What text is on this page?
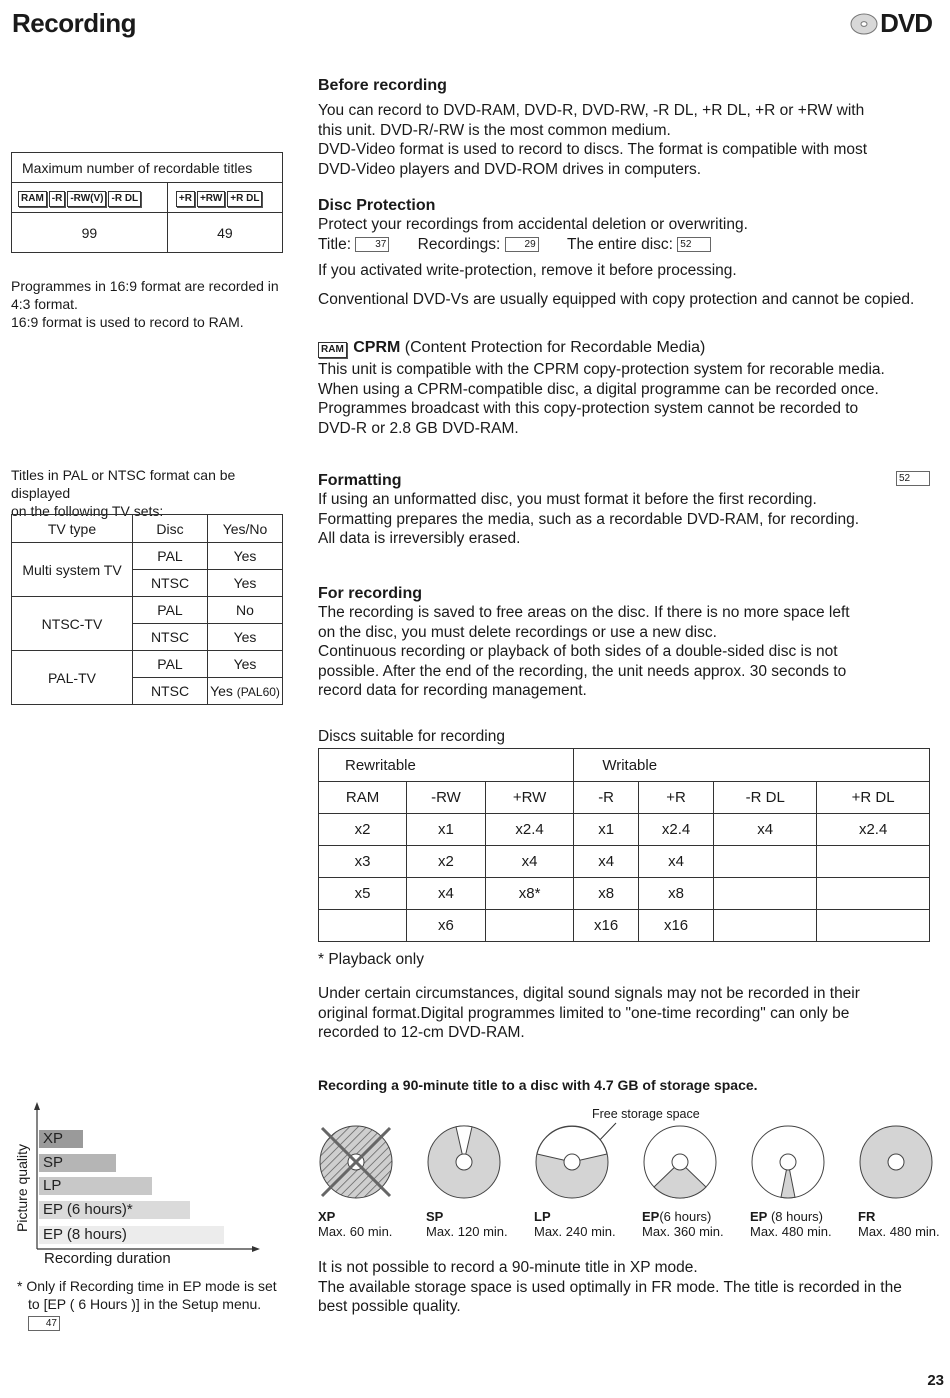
Recording	DVD
Maximum number of recordable titles	
RAM -R -RW(V) -R DL	+R +RW +R DL
99	49
Programmes in 16:9 format are recorded in
4:3 format.
16:9 format is used to record to RAM.
Titles in PAL or NTSC format can be displayed
on the following TV sets:
TV type	Disc	Yes/No
Multi system TV	PAL	Yes
	NTSC	Yes
NTSC-TV	PAL	No
	NTSC	Yes
PAL-TV	PAL	Yes
	NTSC	Yes (PAL60)
XP
SP
LP
EP (6 hours)*
EP (8 hours)
Picture quality
Recording duration
* Only if Recording time in EP mode is set
to [EP ( 6 Hours )] in the Setup menu. 47
Before recording
You can record to DVD-RAM, DVD-R, DVD-RW, -R DL, +R DL, +R or +RW with
this unit. DVD-R/-RW is the most common medium.
DVD-Video format is used to record to discs. The format is compatible with most
DVD-Video players and DVD-ROM drives in computers.
Disc Protection
Protect your recordings from accidental deletion or overwriting.
Title: 37 Recordings: 29 The entire disc: 52
If you activated write-protection, remove it before processing.
Conventional DVD-Vs are usually equipped with copy protection and cannot be copied.
RAM CPRM (Content Protection for Recordable Media)
This unit is compatible with the CPRM copy-protection system for recorable media.
When using a CPRM-compatible disc, a digital programme can be recorded once.
Programmes broadcast with this copy-protection system cannot be recorded to
DVD-R or 2.8 GB DVD-RAM.
Formatting	52
If using an unformatted disc, you must format it before the first recording.
Formatting prepares the media, such as a recordable DVD-RAM, for recording.
All data is irreversibly erased.
For recording
The recording is saved to free areas on the disc. If there is no more space left
on the disc, you must delete recordings or use a new disc.
Continuous recording or playback of both sides of a double-sided disc is not
possible. After the end of the recording, the unit needs approx. 30 seconds to
record data for recording management.
Discs suitable for recording
Rewritable			Writable			
RAM	-RW	+RW	-R	+R	-R DL	+R DL
x2	x1	x2.4	x1	x2.4	x4	x2.4
x3	x2	x4	x4	x4		
x5	x4	x8*	x8	x8		
	x6		x16	x16		
* Playback only
Under certain circumstances, digital sound signals may not be recorded in their
original format.Digital programmes limited to "one-time recording" can only be
recorded to 12-cm DVD-RAM.
Recording a 90-minute title to a disc with 4.7 GB of storage space.
Free storage space
XP
Max. 60 min.
SP
Max. 120 min.
LP
Max. 240 min.
EP(6 hours)
Max. 360 min.
EP (8 hours)
Max. 480 min.
FR
Max. 480 min.
It is not possible to record a 90-minute title in XP mode.
The available storage space is used optimally in FR mode. The title is recorded in the
best possible quality.
23
